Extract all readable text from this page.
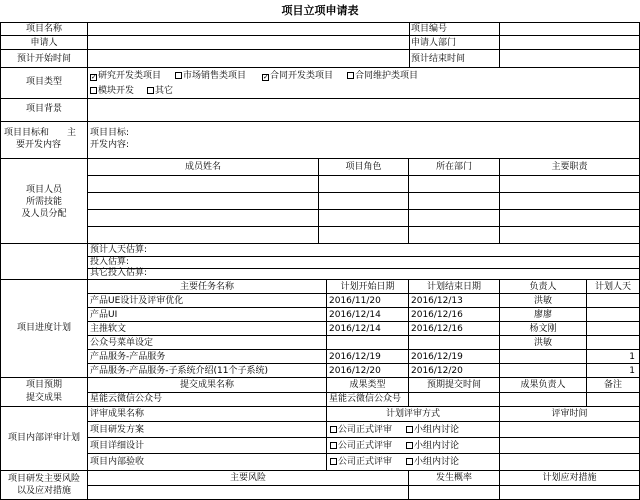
项目立项申请表
项目名称	项目编号
申请人	申请人部门
预计开始时间	预计结束时间
项目类型
✓研究开发类项目	市场销售类项目
✓	合同开发类项目	合同维护类项目
模块开发	其它
项目背景
项目目标和　　主
要开发内容
项目目标:
开发内容:
项目人员
所需技能
及人员分配
成员姓名	项目角色	所在部门	主要职责
预计人天估算:
投入估算:
其它投入估算:
项目进度计划
主要任务名称	计划开始日期	计划结束日期	负责人	计划人天
产品UE设计及评审优化	2016/11/20	2016/12/13	洪敏
产品UI	2016/12/14	2016/12/16	廖廖
主推软文	2016/12/14	2016/12/16	杨文刚
公众号菜单设定	洪敏
产品服务-产品服务	2016/12/19	2016/12/19	1
产品服务-产品服务-子系统介绍(11个子系统)	2016/12/20	2016/12/20	1
项目预期
提交成果
提交成果名称	成果类型	预期提交时间	成果负责人	备注
星能云微信公众号	星能云微信公众号
项目内部评审计划
评审成果名称	计划评审方式	评审时间
项目研发方案	公司正式评审	小组内讨论
项目详细设计	公司正式评审	小组内讨论
项目内部验收	公司正式评审	小组内讨论
项目研发主要风险
以及应对措施
主要风险	发生概率	计划应对措施
